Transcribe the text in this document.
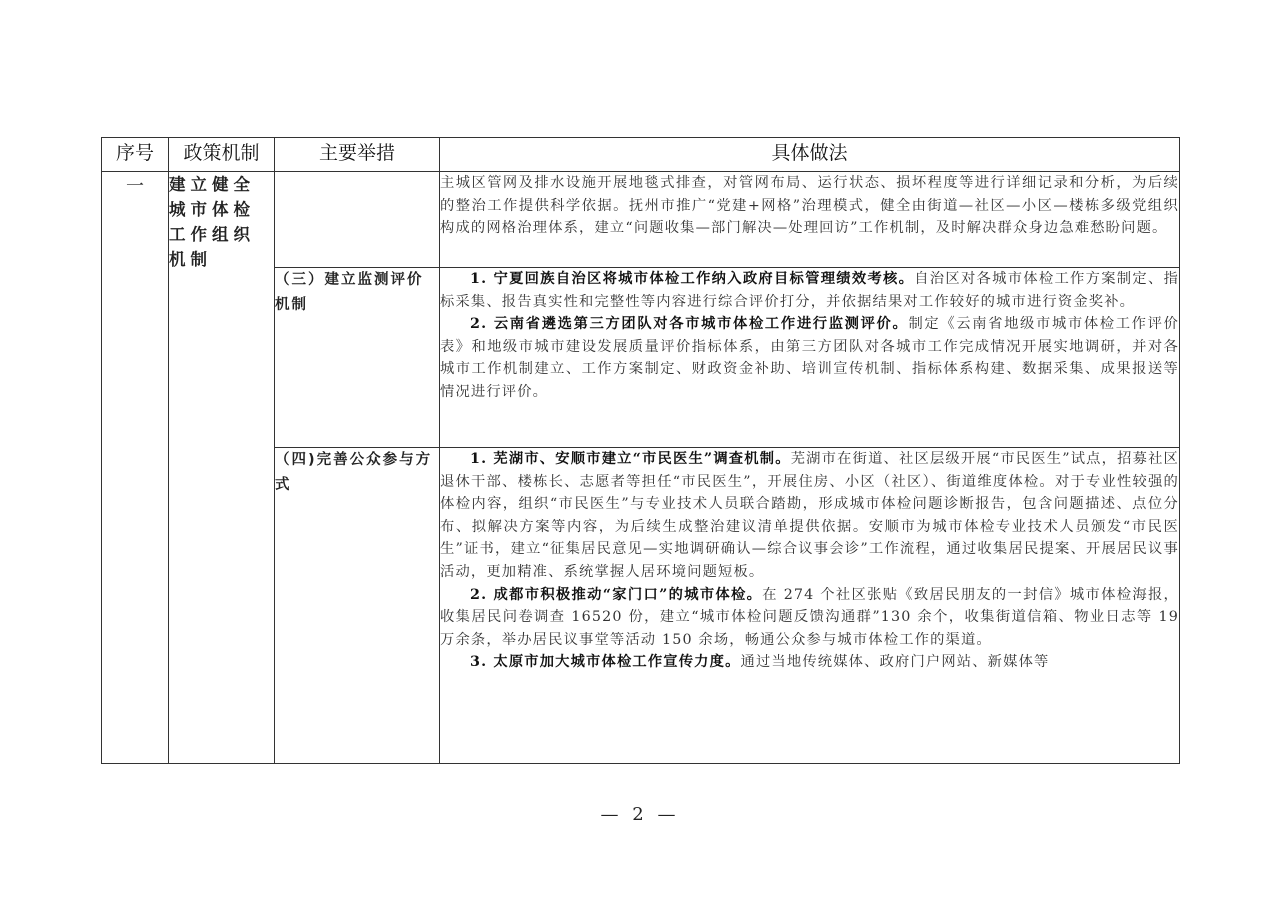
序号	政策机制	主要举措	具体做法
一	建立健全城市体检工作组织机制		主城区管网及排水设施开展地毯式排查，对管网布局、运行状态、损坏程度等进行详细记录和分析，为后续的整治工作提供科学依据。抚州市推广“党建+网格”治理模式，健全由街道—社区—小区—楼栋多级党组织构成的网格治理体系，建立“问题收集—部门解决—处理回访”工作机制，及时解决群众身边急难愁盼问题。

		（三）建立监测评价机制	1. 宁夏回族自治区将城市体检工作纳入政府目标管理绩效考核。自治区对各城市体检工作方案制定、指标采集、报告真实性和完整性等内容进行综合评价打分，并依据结果对工作较好的城市进行资金奖补。

2. 云南省遴选第三方团队对各市城市体检工作进行监测评价。制定《云南省地级市城市体检工作评价表》和地级市城市建设发展质量评价指标体系，由第三方团队对各城市工作完成情况开展实地调研，并对各城市工作机制建立、工作方案制定、财政资金补助、培训宣传机制、指标体系构建、数据采集、成果报送等情况进行评价。

		（四)完善公众参与方式	1. 芜湖市、安顺市建立“市民医生”调查机制。芜湖市在街道、社区层级开展“市民医生”试点，招募社区退休干部、楼栋长、志愿者等担任“市民医生”，开展住房、小区（社区）、街道维度体检。对于专业性较强的体检内容，组织“市民医生”与专业技术人员联合踏勘，形成城市体检问题诊断报告，包含问题描述、点位分布、拟解决方案等内容，为后续生成整治建议清单提供依据。安顺市为城市体检专业技术人员颁发“市民医生”证书，建立“征集居民意见—实地调研确认—综合议事会诊”工作流程，通过收集居民提案、开展居民议事活动，更加精准、系统掌握人居环境问题短板。

2. 成都市积极推动“家门口”的城市体检。在 274 个社区张贴《致居民朋友的一封信》城市体检海报，收集居民问卷调查 16520 份，建立“城市体检问题反馈沟通群”130 余个，收集街道信箱、物业日志等 19 万余条，举办居民议事堂等活动 150 余场，畅通公众参与城市体检工作的渠道。

3. 太原市加大城市体检工作宣传力度。通过当地传统媒体、政府门户网站、新媒体等

— 2 —
